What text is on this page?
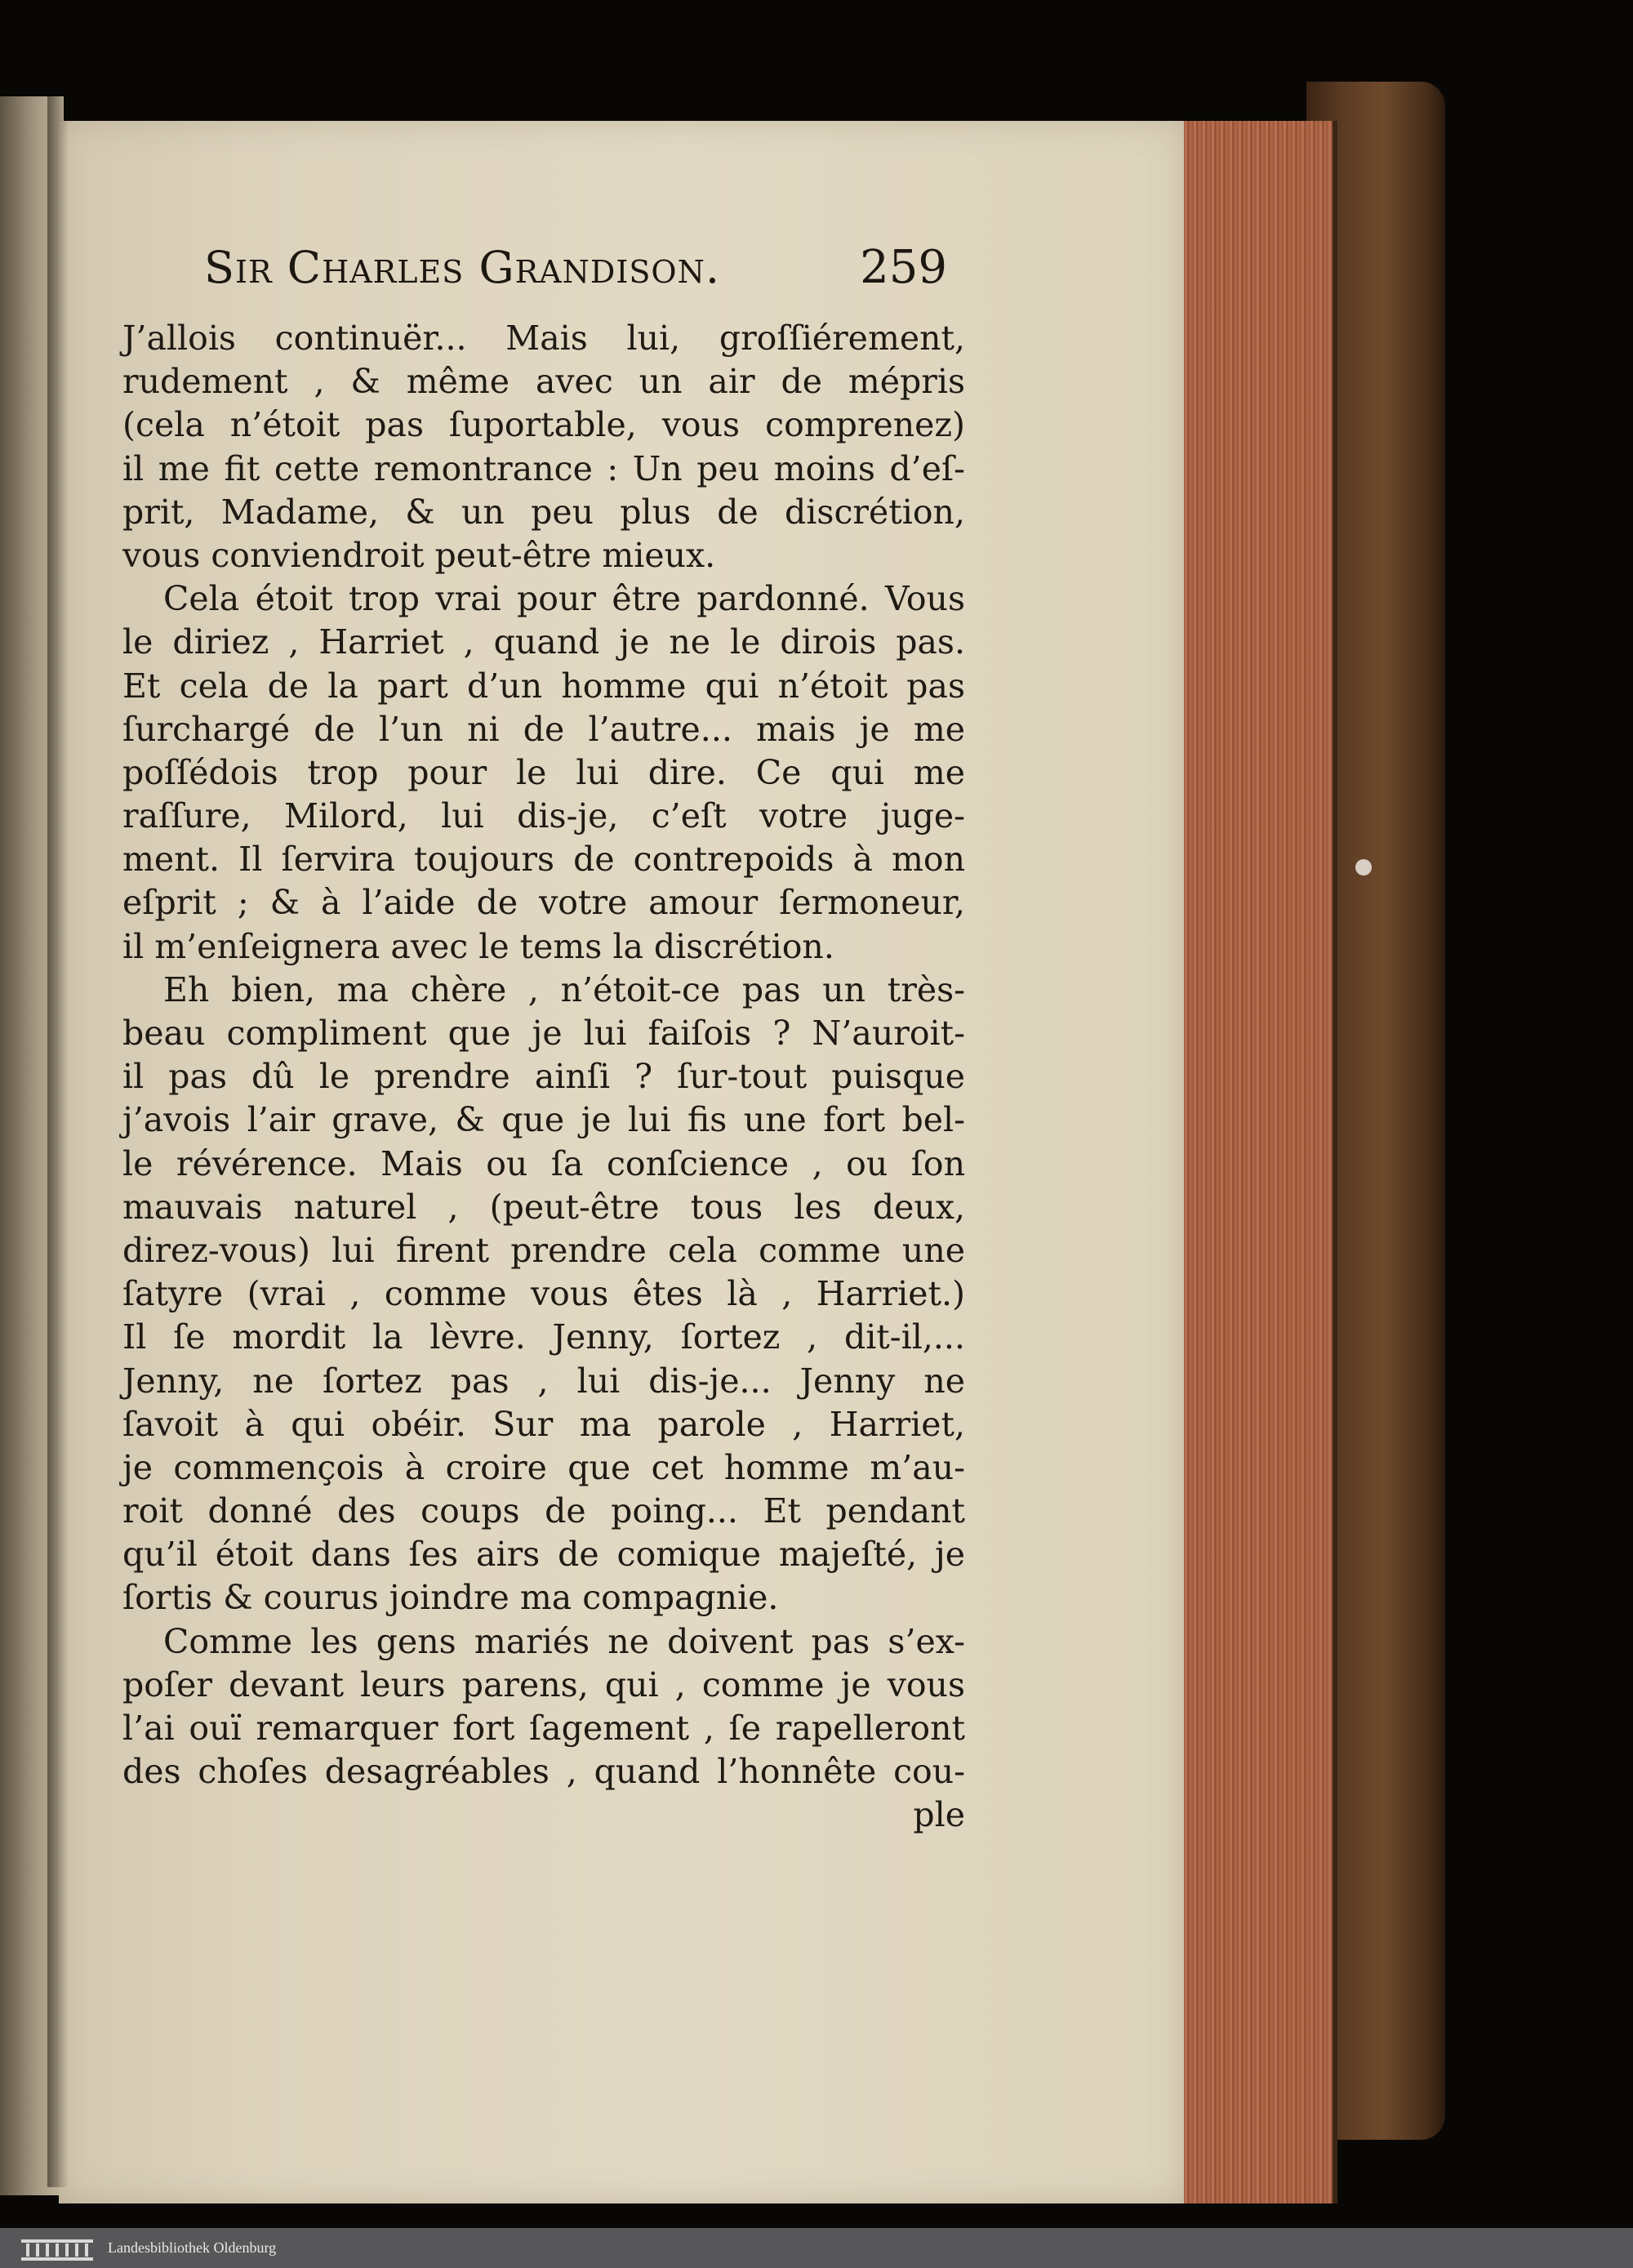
Sir Charles Grandison.	259
J’allois continuër... Mais lui, groſſiérement,
rudement , & même avec un air de mépris
(cela n’étoit pas ſuportable, vous comprenez)
il me fit cette remontrance : Un peu moins d’eſ-
prit, Madame, & un peu plus de discrétion,
vous conviendroit peut-être mieux.
Cela étoit trop vrai pour être pardonné. Vous
le diriez , Harriet , quand je ne le dirois pas.
Et cela de la part d’un homme qui n’étoit pas
ſurchargé de l’un ni de l’autre... mais je me
poſſédois trop pour le lui dire. Ce qui me
raſſure, Milord, lui dis-je, c’eſt votre juge-
ment. Il ſervira toujours de contrepoids à mon
eſprit ; & à l’aide de votre amour ſermoneur,
il m’enſeignera avec le tems la discrétion.
Eh bien, ma chère , n’étoit-ce pas un très-
beau compliment que je lui faiſois ? N’auroit-
il pas dû le prendre ainſi ? ſur-tout puisque
j’avois l’air grave, & que je lui fis une fort bel-
le révérence. Mais ou ſa conſcience , ou ſon
mauvais naturel , (peut-être tous les deux,
direz-vous) lui firent prendre cela comme une
ſatyre (vrai , comme vous êtes là , Harriet.)
Il ſe mordit la lèvre. Jenny, ſortez , dit-il,...
Jenny, ne ſortez pas , lui dis-je... Jenny ne
ſavoit à qui obéir. Sur ma parole , Harriet,
je commençois à croire que cet homme m’au-
roit donné des coups de poing... Et pendant
qu’il étoit dans ſes airs de comique majeſté, je
ſortis & courus joindre ma compagnie.
Comme les gens mariés ne doivent pas s’ex-
poſer devant leurs parens, qui , comme je vous
l’ai ouï remarquer fort ſagement , ſe rapelleront
des choſes desagréables , quand l’honnête cou-
ple
Landesbibliothek Oldenburg
